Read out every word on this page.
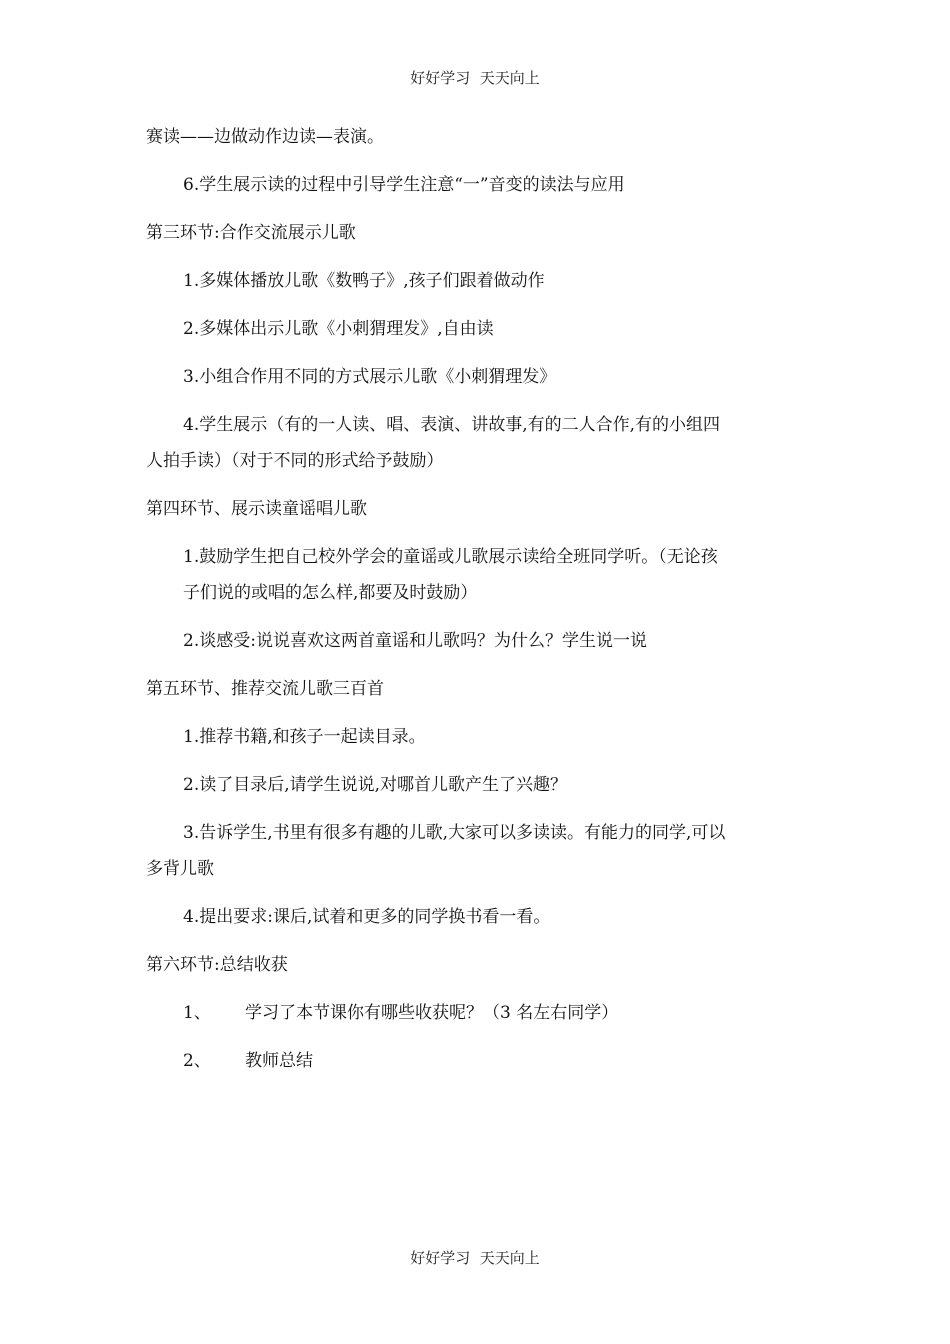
好好学习  天天向上
赛读——边做动作边读—表演。
6.学生展示读的过程中引导学生注意“一”音变的读法与应用
第三环节:合作交流展示儿歌
1.多媒体播放儿歌《数鸭子》,孩子们跟着做动作
2.多媒体出示儿歌《小刺猬理发》,自由读
3.小组合作用不同的方式展示儿歌《小刺猬理发》
4.学生展示（有的一人读、唱、表演、讲故事,有的二人合作,有的小组四
人拍手读）（对于不同的形式给予鼓励）
第四环节、展示读童谣唱儿歌
1.鼓励学生把自己校外学会的童谣或儿歌展示读给全班同学听。（无论孩
子们说的或唱的怎么样,都要及时鼓励）
2.谈感受:说说喜欢这两首童谣和儿歌吗？为什么？学生说一说
第五环节、推荐交流儿歌三百首
1.推荐书籍,和孩子一起读目录。
2.读了目录后,请学生说说,对哪首儿歌产生了兴趣？
3.告诉学生,书里有很多有趣的儿歌,大家可以多读读。有能力的同学,可以
多背儿歌
4.提出要求:课后,试着和更多的同学换书看一看。
第六环节:总结收获
1、 学习了本节课你有哪些收获呢？（3 名左右同学）
2、 教师总结
好好学习  天天向上
